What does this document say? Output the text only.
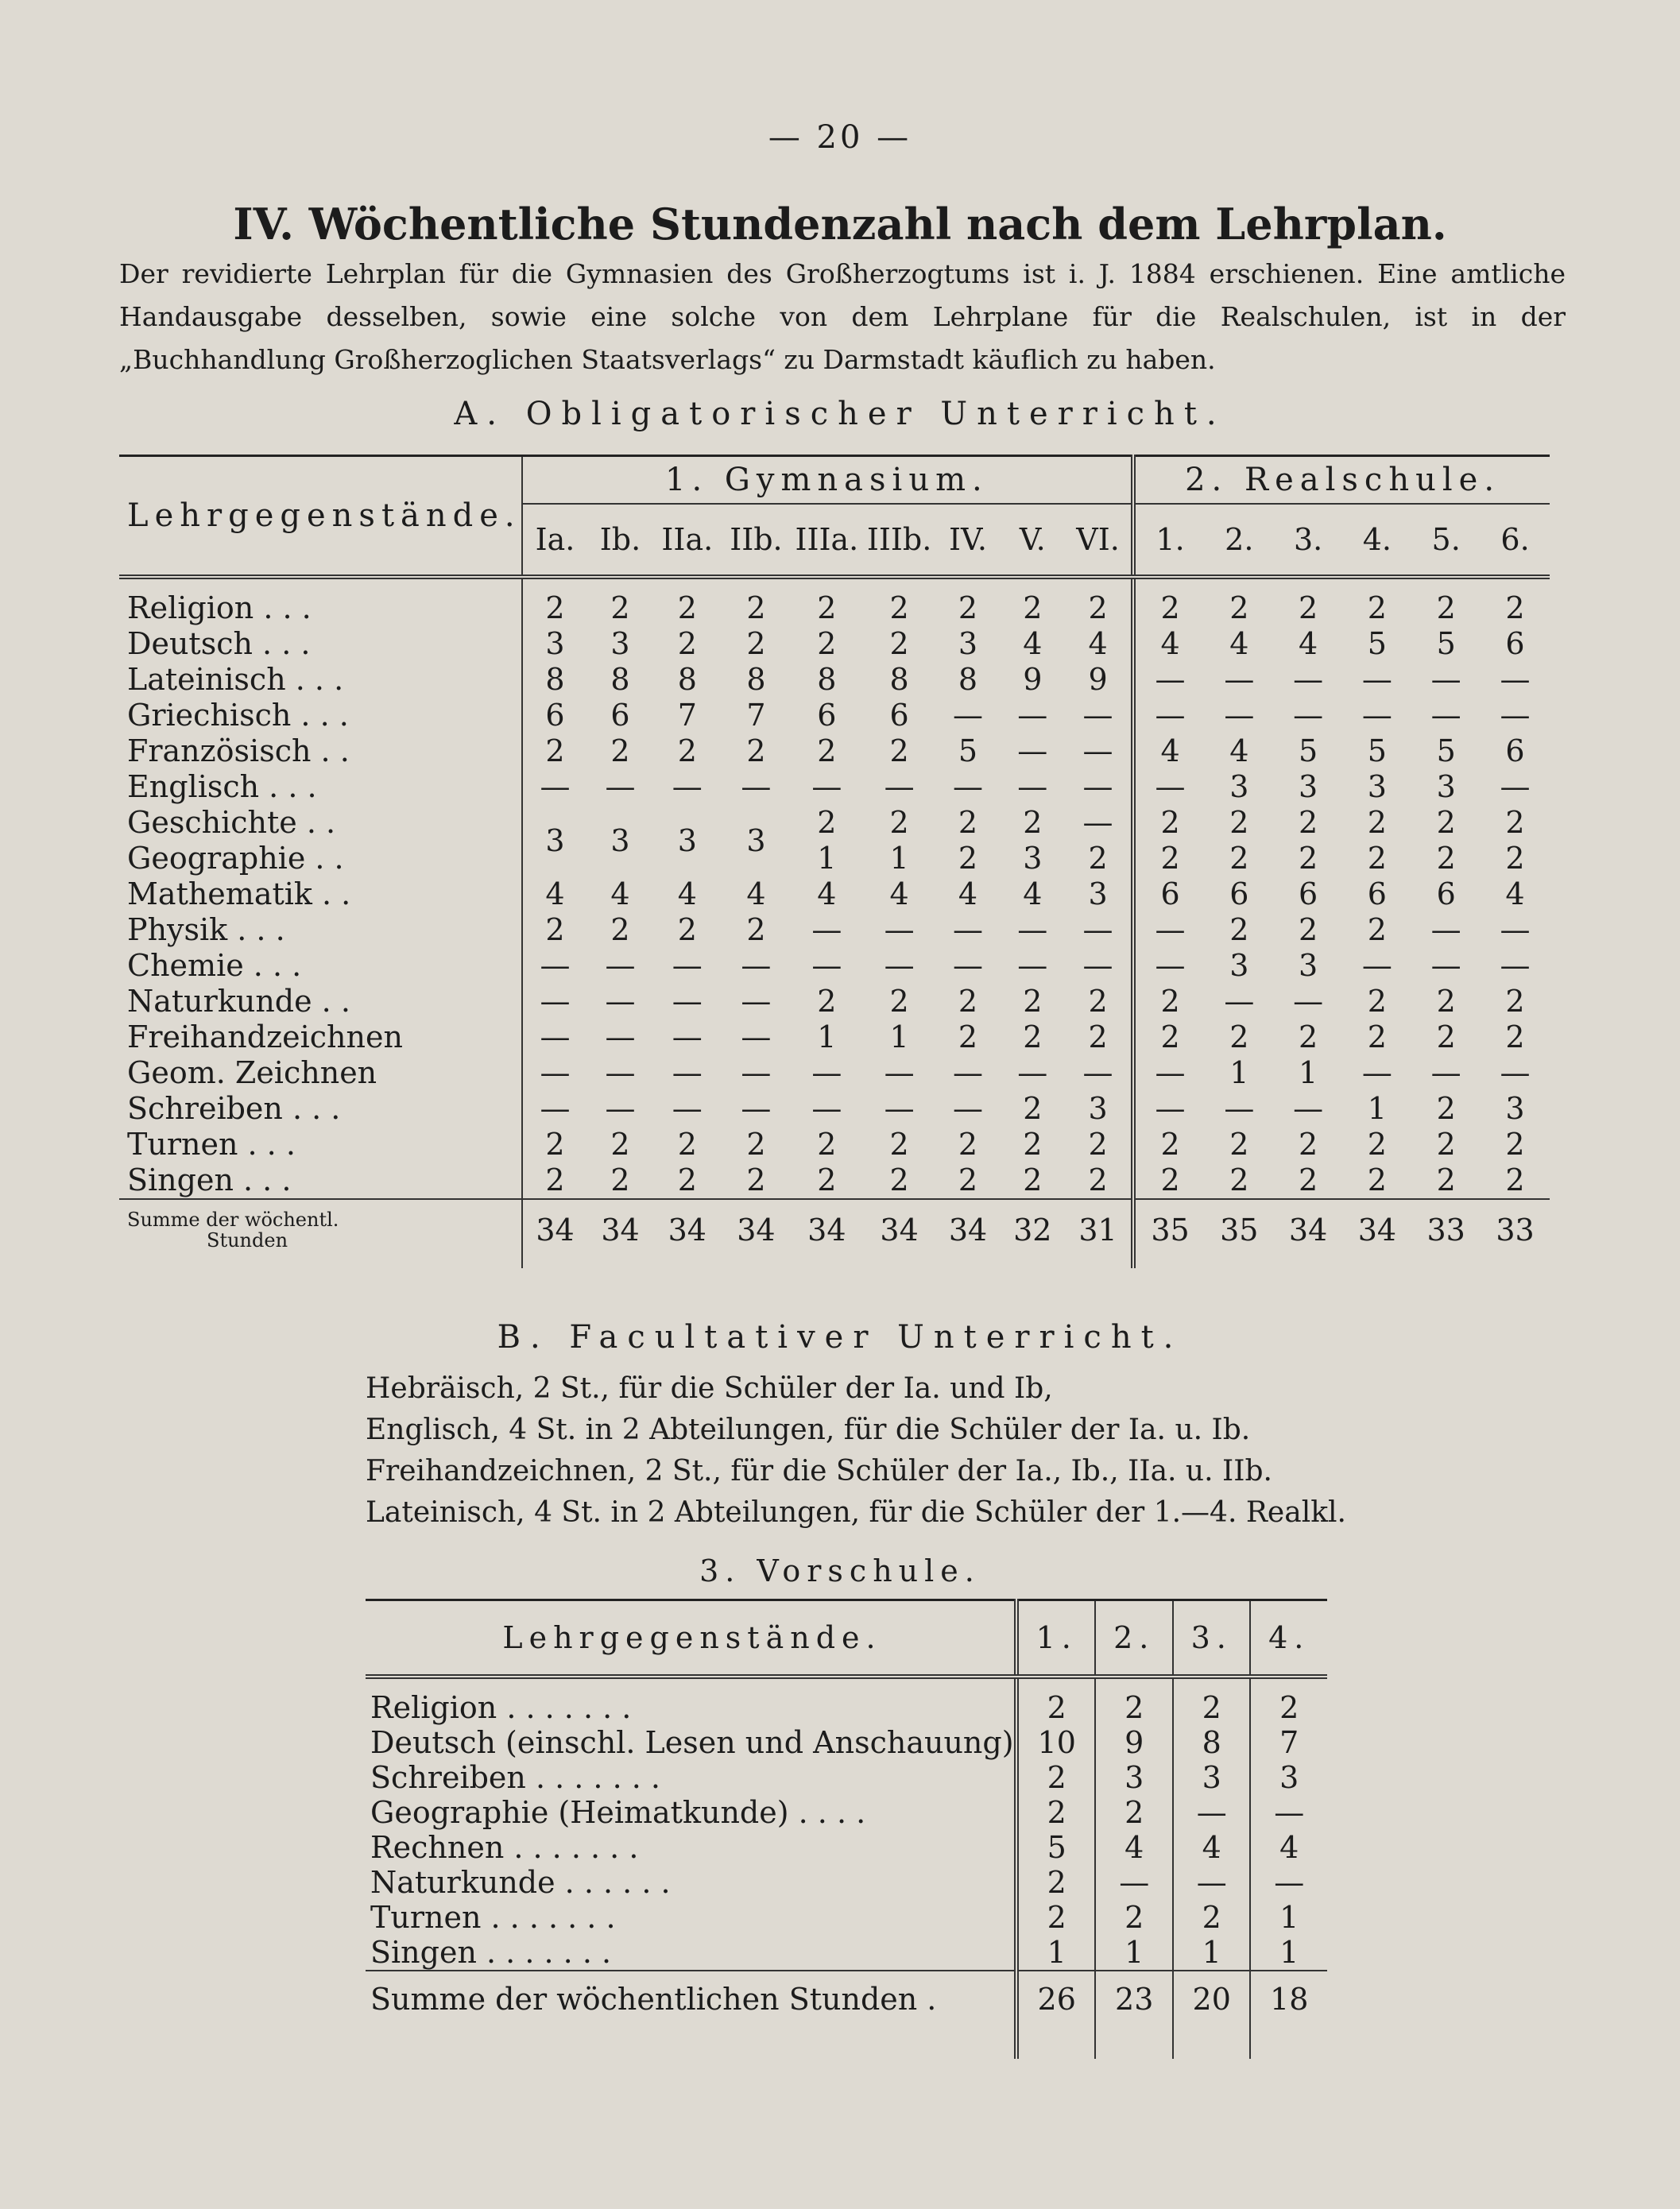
— 20 —
IV. Wöchentliche Stundenzahl nach dem Lehrplan.
Der revidierte Lehrplan für die Gymnasien des Großherzogtums ist i. J. 1884 erschienen. Eine amtliche Handausgabe desselben, sowie eine solche von dem Lehrplane für die Realschulen, ist in der „Buchhandlung Großherzoglichen Staatsverlags“ zu Darmstadt käuflich zu haben.
A. Obligatorischer Unterricht.
Lehrgegenstände.	1. Gymnasium.									2. Realschule.					
	Ia.	Ib.	IIa.	IIb.	IIIa.	IIIb.	IV.	V.	VI.	1.	2.	3.	4.	5.	6.

Religion . . .	2	2	2	2	2	2	2	2	2	2	2	2	2	2	2
Deutsch . . .	3	3	2	2	2	2	3	4	4	4	4	4	5	5	6
Lateinisch . . .	8	8	8	8	8	8	8	9	9	—	—	—	—	—	—
Griechisch . . .	6	6	7	7	6	6	—	—	—	—	—	—	—	—	—
Französisch . .	2	2	2	2	2	2	5	—	—	4	4	5	5	5	6
Englisch . . .	—	—	—	—	—	—	—	—	—	—	3	3	3	3	—
Geschichte . .	3	3	3	3	2	2	2	2	—	2	2	2	2	2	2
Geographie . .					1	1	2	3	2	2	2	2	2	2	2
Mathematik . .	4	4	4	4	4	4	4	4	3	6	6	6	6	6	4
Physik . . .	2	2	2	2	—	—	—	—	—	—	2	2	2	—	—
Chemie . . .	—	—	—	—	—	—	—	—	—	—	3	3	—	—	—
Naturkunde . .	—	—	—	—	2	2	2	2	2	2	—	—	2	2	2
Freihandzeichnen	—	—	—	—	1	1	2	2	2	2	2	2	2	2	2
Geom. Zeichnen	—	—	—	—	—	—	—	—	—	—	1	1	—	—	—
Schreiben . . .	—	—	—	—	—	—	—	2	3	—	—	—	1	2	3
Turnen . . .	2	2	2	2	2	2	2	2	2	2	2	2	2	2	2
Singen . . .	2	2	2	2	2	2	2	2	2	2	2	2	2	2	2

Summe der wöchentl.
Stunden	34	34	34	34	34	34	34	32	31	35	35	34	34	33	33

B. Facultativer Unterricht.
Hebräisch, 2 St., für die Schüler der Ia. und Ib,
Englisch, 4 St. in 2 Abteilungen, für die Schüler der Ia. u. Ib.
Freihandzeichnen, 2 St., für die Schüler der Ia., Ib., IIa. u. IIb.
Lateinisch, 4 St. in 2 Abteilungen, für die Schüler der 1.—4. Realkl.
3. Vorschule.
Lehrgegenstände.	1.	2.	3.	4.

Religion . . . . . . .	2	2	2	2
Deutsch (einschl. Lesen und Anschauung)	10	9	8	7
Schreiben . . . . . . .	2	3	3	3
Geographie (Heimatkunde) . . . .	2	2	—	—
Rechnen . . . . . . .	5	4	4	4
Naturkunde . . . . . .	2	—	—	—
Turnen . . . . . . .	2	2	2	1
Singen . . . . . . .	1	1	1	1
Summe der wöchentlichen Stunden .	26	23	20	18
